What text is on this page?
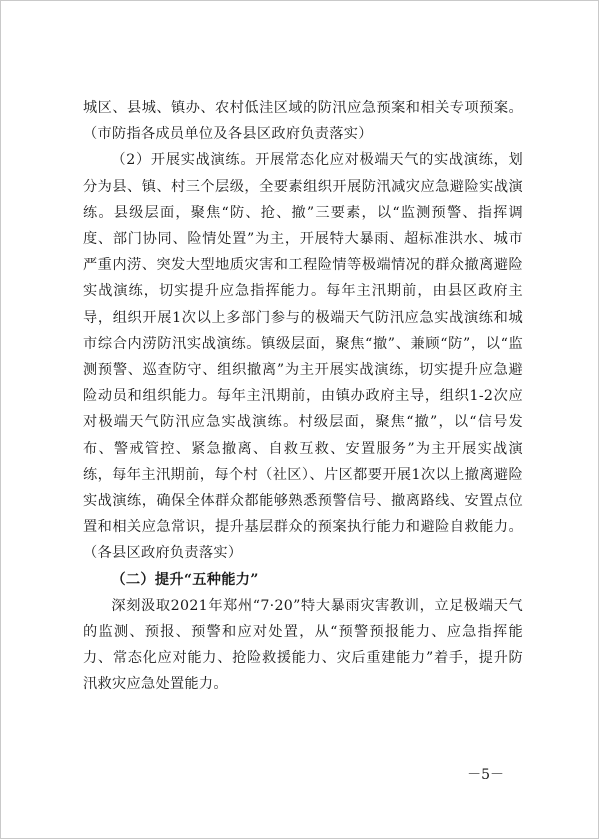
城区、县城、镇办、农村低洼区域的防汛应急预案和相关专项预案。（市防指各成员单位及各县区政府负责落实）

（2）开展实战演练。开展常态化应对极端天气的实战演练，划分为县、镇、村三个层级，全要素组织开展防汛减灾应急避险实战演练。县级层面，聚焦“防、抢、撤”三要素，以“监测预警、指挥调度、部门协同、险情处置”为主，开展特大暴雨、超标准洪水、城市严重内涝、突发大型地质灾害和工程险情等极端情况的群众撤离避险实战演练，切实提升应急指挥能力。每年主汛期前，由县区政府主导，组织开展1次以上多部门参与的极端天气防汛应急实战演练和城市综合内涝防汛实战演练。镇级层面，聚焦“撤”、兼顾“防”，以“监测预警、巡查防守、组织撤离”为主开展实战演练，切实提升应急避险动员和组织能力。每年主汛期前，由镇办政府主导，组织1-2次应对极端天气防汛应急实战演练。村级层面，聚焦“撤”，以“信号发布、警戒管控、紧急撤离、自救互救、安置服务”为主开展实战演练，每年主汛期前，每个村（社区）、片区都要开展1次以上撤离避险实战演练，确保全体群众都能够熟悉预警信号、撤离路线、安置点位置和相关应急常识，提升基层群众的预案执行能力和避险自救能力。（各县区政府负责落实）

（二）提升“五种能力”

深刻汲取2021年郑州“7·20”特大暴雨灾害教训，立足极端天气的监测、预报、预警和应对处置，从“预警预报能力、应急指挥能力、常态化应对能力、抢险救援能力、灾后重建能力”着手，提升防汛救灾应急处置能力。

－5－
